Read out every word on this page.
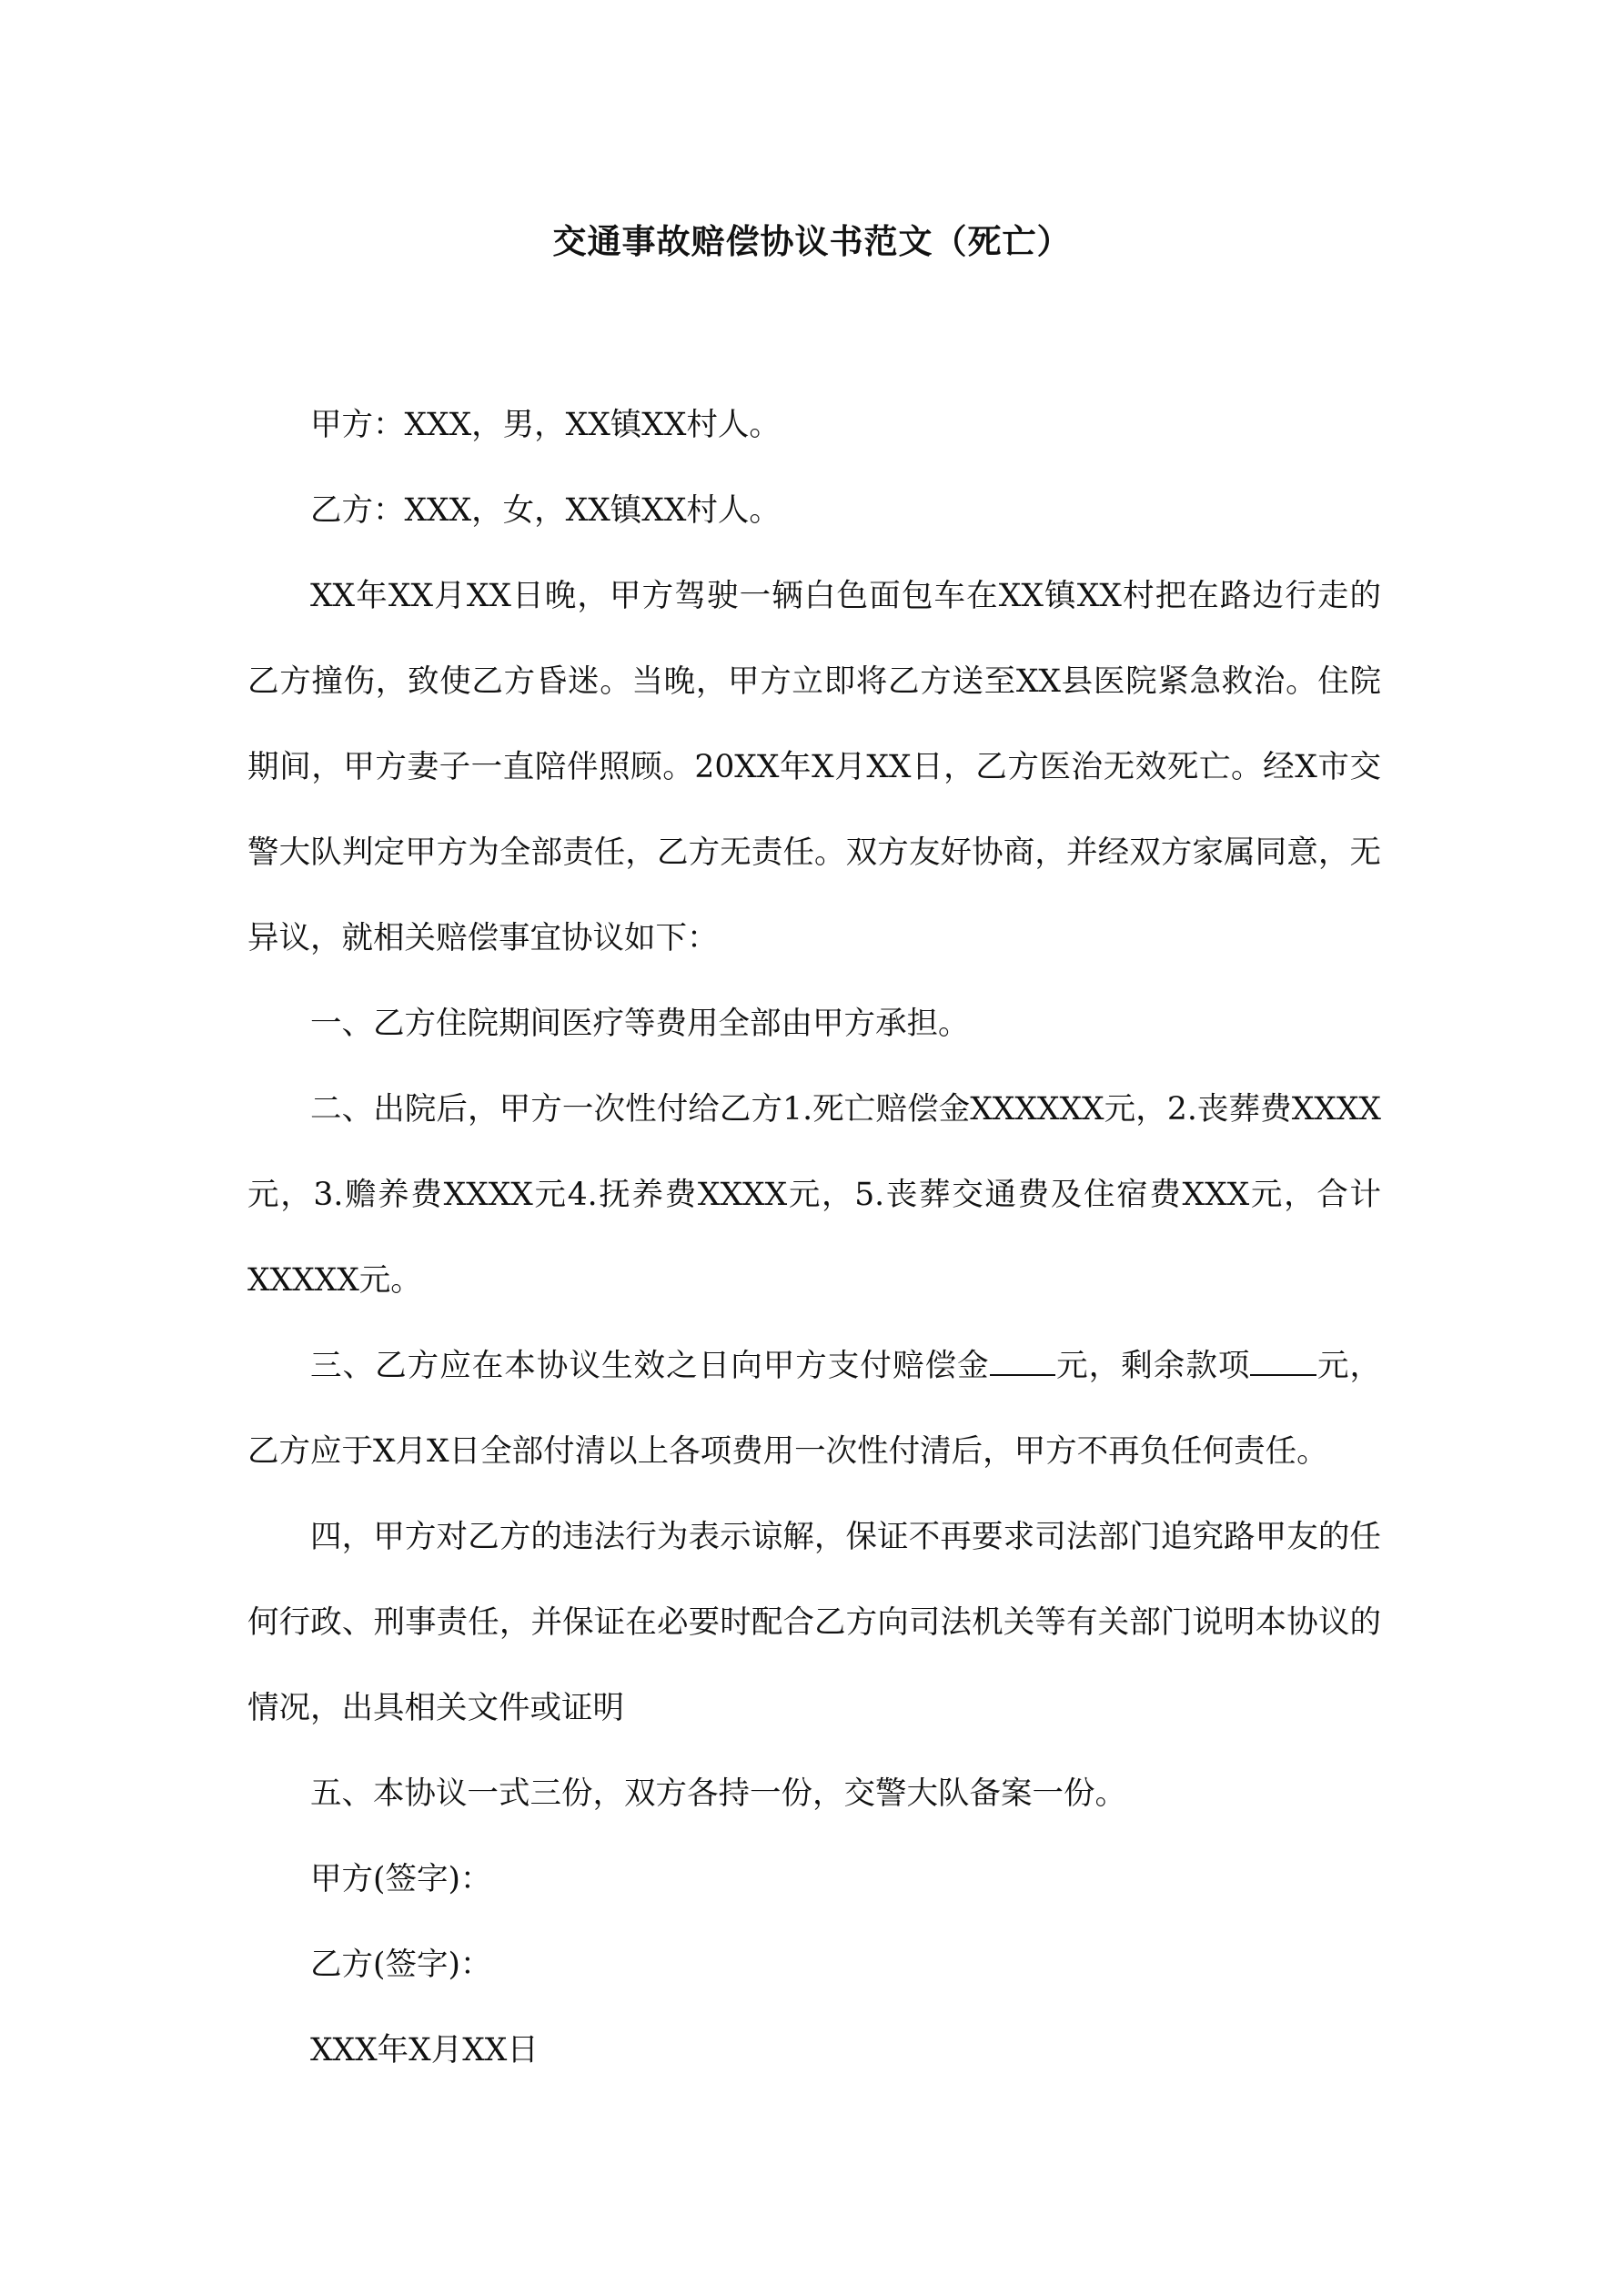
交通事故赔偿协议书范文（死亡）

甲方：XXX，男，XX镇XX村人。

乙方：XXX，女，XX镇XX村人。

XX年XX月XX日晚，甲方驾驶一辆白色面包车在XX镇XX村把在路边行走的乙方撞伤，致使乙方昏迷。当晚，甲方立即将乙方送至XX县医院紧急救治。住院期间，甲方妻子一直陪伴照顾。20XX年X月XX日，乙方医治无效死亡。经X市交警大队判定甲方为全部责任，乙方无责任。双方友好协商，并经双方家属同意，无异议，就相关赔偿事宜协议如下：

一、乙方住院期间医疗等费用全部由甲方承担。

二、出院后，甲方一次性付给乙方1.死亡赔偿金XXXXXX元，2.丧葬费XXXX元，3.赡养费XXXX元4.抚养费XXXX元，5.丧葬交通费及住宿费XXX元，合计XXXXX元。

三、乙方应在本协议生效之日向甲方支付赔偿金 元，剩余款项 元，乙方应于X月X日全部付清以上各项费用一次性付清后，甲方不再负任何责任。

四，甲方对乙方的违法行为表示谅解，保证不再要求司法部门追究路甲友的任何行政、刑事责任，并保证在必要时配合乙方向司法机关等有关部门说明本协议的情况，出具相关文件或证明

五、本协议一式三份，双方各持一份，交警大队备案一份。

甲方(签字)：

乙方(签字)：

XXX年X月XX日
